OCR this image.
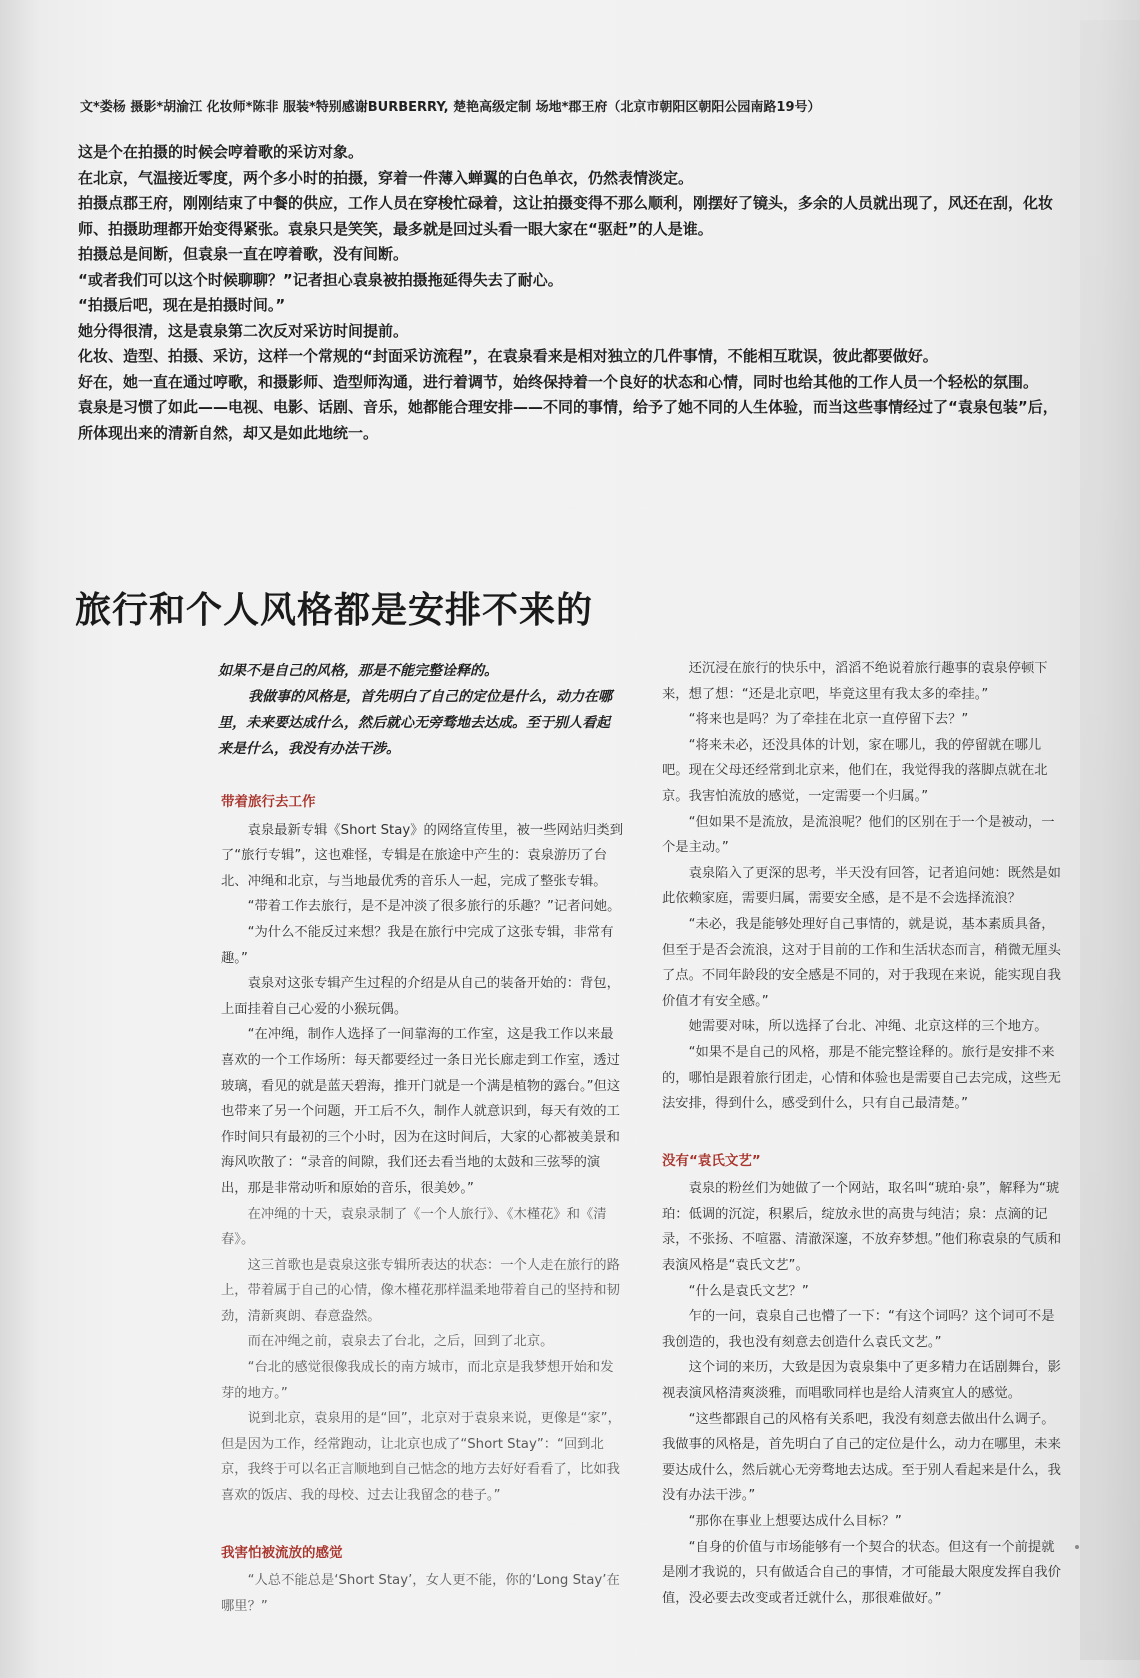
文*娄杨 摄影*胡渝江 化妆师*陈非 服装*特别感谢BURBERRY, 楚艳高级定制 场地*郡王府（北京市朝阳区朝阳公园南路19号）

这是个在拍摄的时候会哼着歌的采访对象。

在北京，气温接近零度，两个多小时的拍摄，穿着一件薄入蝉翼的白色单衣，仍然表情淡定。

拍摄点郡王府，刚刚结束了中餐的供应，工作人员在穿梭忙碌着，这让拍摄变得不那么顺利，刚摆好了镜头，多余的人员就出现了，风还在刮，化妆师、拍摄助理都开始变得紧张。袁泉只是笑笑，最多就是回过头看一眼大家在“驱赶”的人是谁。

拍摄总是间断，但袁泉一直在哼着歌，没有间断。

“或者我们可以这个时候聊聊？”记者担心袁泉被拍摄拖延得失去了耐心。

“拍摄后吧，现在是拍摄时间。”

她分得很清，这是袁泉第二次反对采访时间提前。

化妆、造型、拍摄、采访，这样一个常规的“封面采访流程”，在袁泉看来是相对独立的几件事情，不能相互耽误，彼此都要做好。

好在，她一直在通过哼歌，和摄影师、造型师沟通，进行着调节，始终保持着一个良好的状态和心情，同时也给其他的工作人员一个轻松的氛围。

袁泉是习惯了如此——电视、电影、话剧、音乐，她都能合理安排——不同的事情，给予了她不同的人生体验，而当这些事情经过了“袁泉包装”后，所体现出来的清新自然，却又是如此地统一。

旅行和个人风格都是安排不来的

如果不是自己的风格，那是不能完整诠释的。

我做事的风格是，首先明白了自己的定位是什么，动力在哪里，未来要达成什么，然后就心无旁骛地去达成。至于别人看起来是什么，我没有办法干涉。

带着旅行去工作

袁泉最新专辑《Short Stay》的网络宣传里，被一些网站归类到了“旅行专辑”，这也难怪，专辑是在旅途中产生的：袁泉游历了台北、冲绳和北京，与当地最优秀的音乐人一起，完成了整张专辑。

“带着工作去旅行，是不是冲淡了很多旅行的乐趣？”记者问她。

“为什么不能反过来想？我是在旅行中完成了这张专辑，非常有趣。”

袁泉对这张专辑产生过程的介绍是从自己的装备开始的：背包，上面挂着自己心爱的小猴玩偶。

“在冲绳，制作人选择了一间靠海的工作室，这是我工作以来最喜欢的一个工作场所：每天都要经过一条日光长廊走到工作室，透过玻璃，看见的就是蓝天碧海，推开门就是一个满是植物的露台。”但这也带来了另一个问题，开工后不久，制作人就意识到，每天有效的工作时间只有最初的三个小时，因为在这时间后，大家的心都被美景和海风吹散了：“录音的间隙，我们还去看当地的太鼓和三弦琴的演出，那是非常动听和原始的音乐，很美妙。”

在冲绳的十天，袁泉录制了《一个人旅行》、《木槿花》和《清春》。

这三首歌也是袁泉这张专辑所表达的状态：一个人走在旅行的路上，带着属于自己的心情，像木槿花那样温柔地带着自己的坚持和韧劲，清新爽朗、春意盎然。

而在冲绳之前，袁泉去了台北，之后，回到了北京。

“台北的感觉很像我成长的南方城市，而北京是我梦想开始和发芽的地方。”

说到北京，袁泉用的是“回”，北京对于袁泉来说，更像是“家”，但是因为工作，经常跑动，让北京也成了“Short Stay”：“回到北京，我终于可以名正言顺地到自己惦念的地方去好好看看了，比如我喜欢的饭店、我的母校、过去让我留念的巷子。”

我害怕被流放的感觉

“人总不能总是‘Short Stay’，女人更不能，你的‘Long Stay’在哪里？”

还沉浸在旅行的快乐中，滔滔不绝说着旅行趣事的袁泉停顿下来，想了想：“还是北京吧，毕竟这里有我太多的牵挂。”

“将来也是吗？为了牵挂在北京一直停留下去？”

“将来未必，还没具体的计划，家在哪儿，我的停留就在哪儿吧。现在父母还经常到北京来，他们在，我觉得我的落脚点就在北京。我害怕流放的感觉，一定需要一个归属。”

“但如果不是流放，是流浪呢？他们的区别在于一个是被动，一个是主动。”

袁泉陷入了更深的思考，半天没有回答，记者追问她：既然是如此依赖家庭，需要归属，需要安全感，是不是不会选择流浪？

“未必，我是能够处理好自己事情的，就是说，基本素质具备，但至于是否会流浪，这对于目前的工作和生活状态而言，稍微无厘头了点。不同年龄段的安全感是不同的，对于我现在来说，能实现自我价值才有安全感。”

她需要对味，所以选择了台北、冲绳、北京这样的三个地方。

“如果不是自己的风格，那是不能完整诠释的。旅行是安排不来的，哪怕是跟着旅行团走，心情和体验也是需要自己去完成，这些无法安排，得到什么，感受到什么，只有自己最清楚。”

没有“袁氏文艺”

袁泉的粉丝们为她做了一个网站，取名叫“琥珀·泉”，解释为“琥珀：低调的沉淀，积累后，绽放永世的高贵与纯洁；泉：点滴的记录，不张扬、不喧嚣、清澈深邃，不放弃梦想。”他们称袁泉的气质和表演风格是“袁氏文艺”。

“什么是袁氏文艺？”

乍的一问，袁泉自己也懵了一下：“有这个词吗？这个词可不是我创造的，我也没有刻意去创造什么袁氏文艺。”

这个词的来历，大致是因为袁泉集中了更多精力在话剧舞台，影视表演风格清爽淡雅，而唱歌同样也是给人清爽宜人的感觉。

“这些都跟自己的风格有关系吧，我没有刻意去做出什么调子。我做事的风格是，首先明白了自己的定位是什么，动力在哪里，未来要达成什么，然后就心无旁骛地去达成。至于别人看起来是什么，我没有办法干涉。”

“那你在事业上想要达成什么目标？”

“自身的价值与市场能够有一个契合的状态。但这有一个前提就是刚才我说的，只有做适合自己的事情，才可能最大限度发挥自我价值，没必要去改变或者迁就什么，那很难做好。”
